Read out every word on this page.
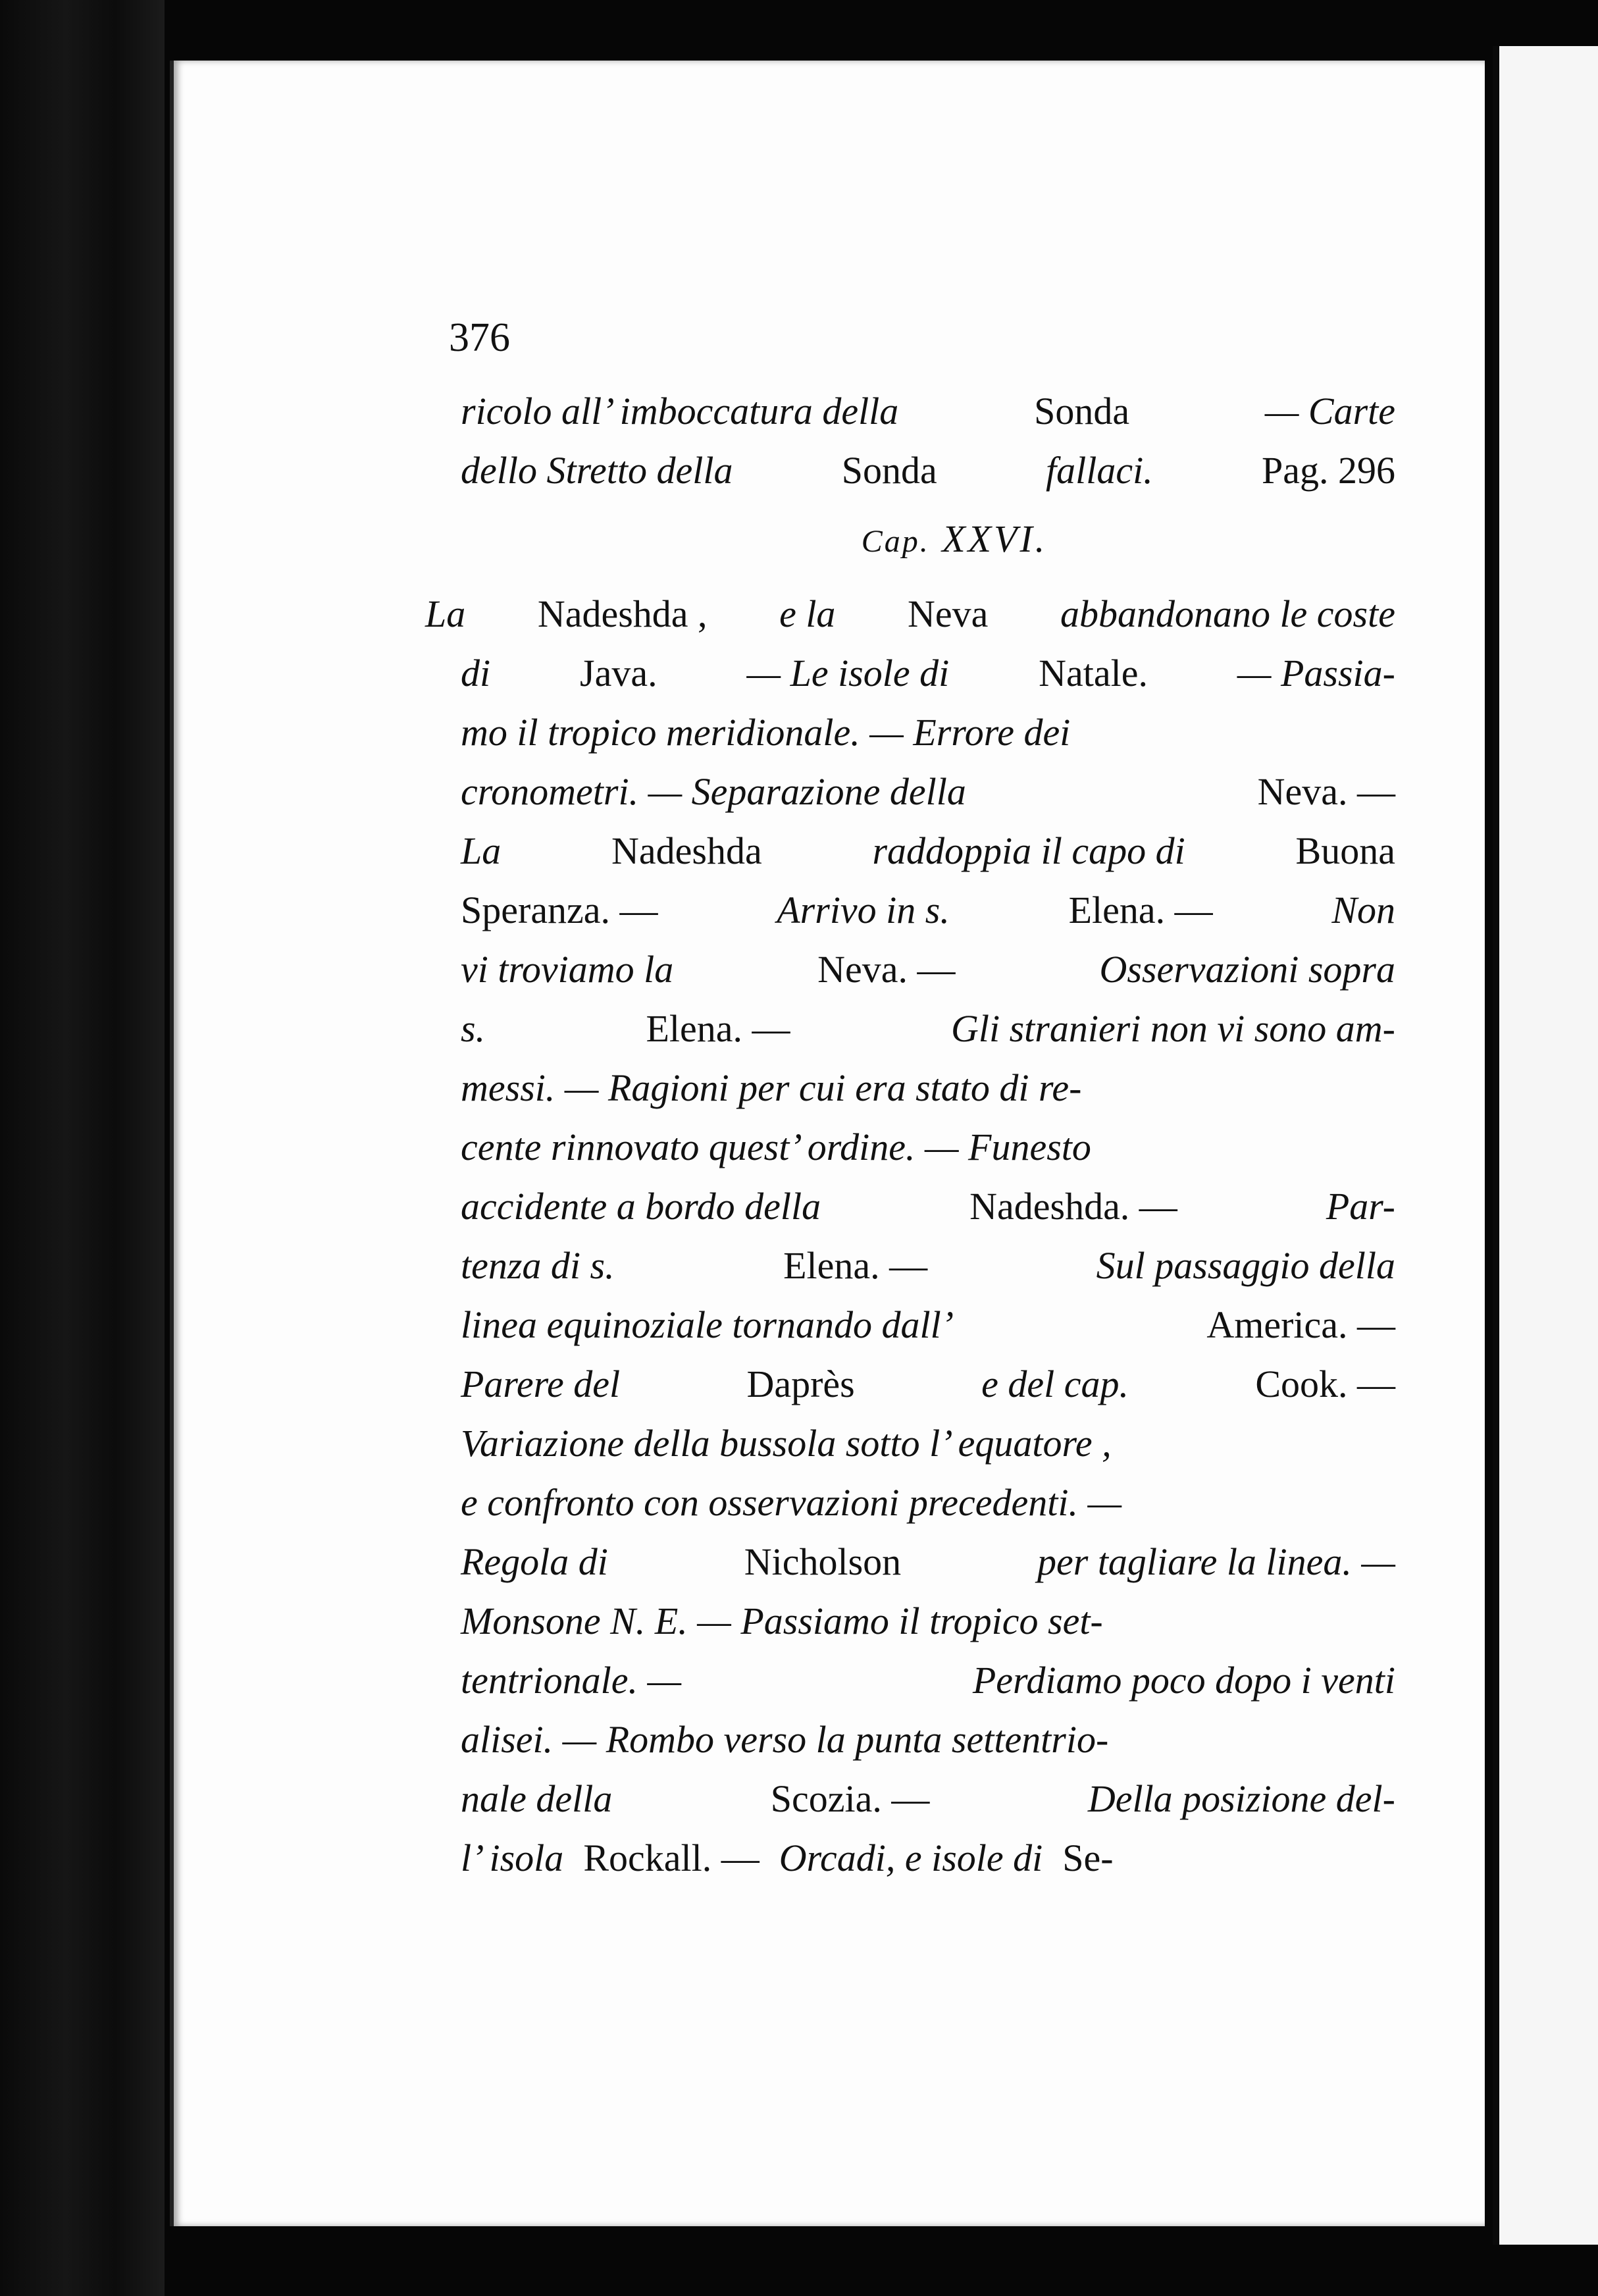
376
ricolo all’ imboccatura della	Sonda	— Carte
dello Stretto della	Sonda	fallaci.	Pag. 296
Cap. XXVI.
La Nadeshda , e la Neva abbandonano le coste
di Java. — Le isole di Natale. — Passia-
mo il tropico meridionale. — Errore dei
cronometri. — Separazione della	Neva. —
La	Nadeshda	raddoppia il capo di	Buona
Speranza. —	Arrivo in s.	Elena. —	Non
vi troviamo la	Neva. —	Osservazioni sopra
s.	Elena. —	Gli stranieri non vi sono am-
messi. — Ragioni per cui era stato di re-
cente rinnovato quest’ ordine. — Funesto
accidente a bordo della	Nadeshda. —	Par-
tenza di s.	Elena. —	Sul passaggio della
linea equinoziale tornando dall’	America. —
Parere del	Daprès	e del cap.	Cook. —
Variazione della bussola sotto l’ equatore ,
e confronto con osservazioni precedenti. —
Regola di	Nicholson	per tagliare la linea. —
Monsone N. E. — Passiamo il tropico set-
tentrionale. —	Perdiamo poco dopo i venti
alisei. — Rombo verso la punta settentrio-
nale della	Scozia. —	Della posizione del-
l’ isola Rockall. — Orcadi, e isole di Se-
